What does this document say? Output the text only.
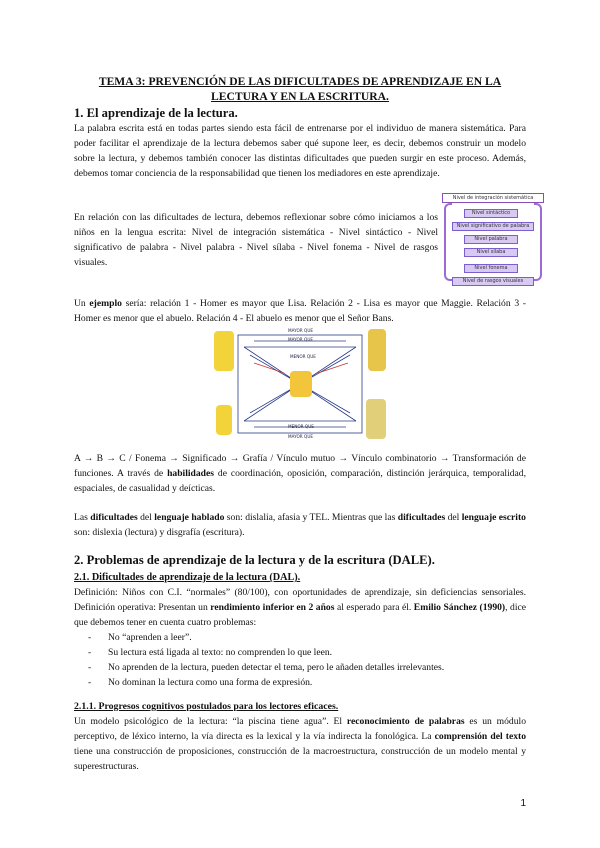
TEMA 3: PREVENCIÓN DE LAS DIFICULTADES DE APRENDIZAJE EN LA
LECTURA Y EN LA ESCRITURA.
1. El aprendizaje de la lectura.
La palabra escrita está en todas partes siendo esta fácil de entrenarse por el individuo de manera sistemática. Para poder facilitar el aprendizaje de la lectura debemos saber qué supone leer, es decir, debemos construir un modelo sobre la lectura, y debemos también conocer las distintas dificultades que pueden surgir en este proceso. Además, debemos tomar conciencia de la responsabilidad que tienen los mediadores en este aprendizaje.
En relación con las dificultades de lectura, debemos reflexionar sobre cómo iniciamos a los niños en la lengua escrita: Nivel de integración sistemática - Nivel sintáctico - Nivel significativo de palabra - Nivel palabra - Nivel sílaba - Nivel fonema - Nivel de rasgos visuales.
Nivel de integración sistemática
Nivel sintáctico
Nivel significativo de palabra
Nivel palabra
Nivel sílaba
Nivel fonema
Nivel de rasgos visuales
Un ejemplo sería: relación 1 - Homer es mayor que Lisa. Relación 2 - Lisa es mayor que Maggie. Relación 3 - Homer es menor que el abuelo. Relación 4 - El abuelo es menor que el Señor Bans.
MAYOR QUE
MAYOR QUE
MENOR QUE
MENOR QUE
MAYOR QUE
A → B → C / Fonema → Significado → Grafía / Vínculo mutuo → Vínculo combinatorio → Transformación de funciones. A través de habilidades de coordinación, oposición, comparación, distinción jerárquica, temporalidad, espaciales, de casualidad y deícticas.
Las dificultades del lenguaje hablado son: dislalia, afasia y TEL. Mientras que las dificultades del lenguaje escrito son: dislexia (lectura) y disgrafía (escritura).
2. Problemas de aprendizaje de la lectura y de la escritura (DALE).
2.1. Dificultades de aprendizaje de la lectura (DAL).
Definición: Niños con C.I. “normales” (80/100), con oportunidades de aprendizaje, sin deficiencias sensoriales. Definición operativa: Presentan un rendimiento inferior en 2 años al esperado para él. Emilio Sánchez (1990), dice que debemos tener en cuenta cuatro problemas:
- No “aprenden a leer”.
- Su lectura está ligada al texto: no comprenden lo que leen.
- No aprenden de la lectura, pueden detectar el tema, pero le añaden detalles irrelevantes.
- No dominan la lectura como una forma de expresión.
2.1.1. Progresos cognitivos postulados para los lectores eficaces.
Un modelo psicológico de la lectura: “la piscina tiene agua”. El reconocimiento de palabras es un módulo perceptivo, de léxico interno, la vía directa es la lexical y la vía indirecta la fonológica. La comprensión del texto tiene una construcción de proposiciones, construcción de la macroestructura, construcción de un modelo mental y superestructuras.
1
